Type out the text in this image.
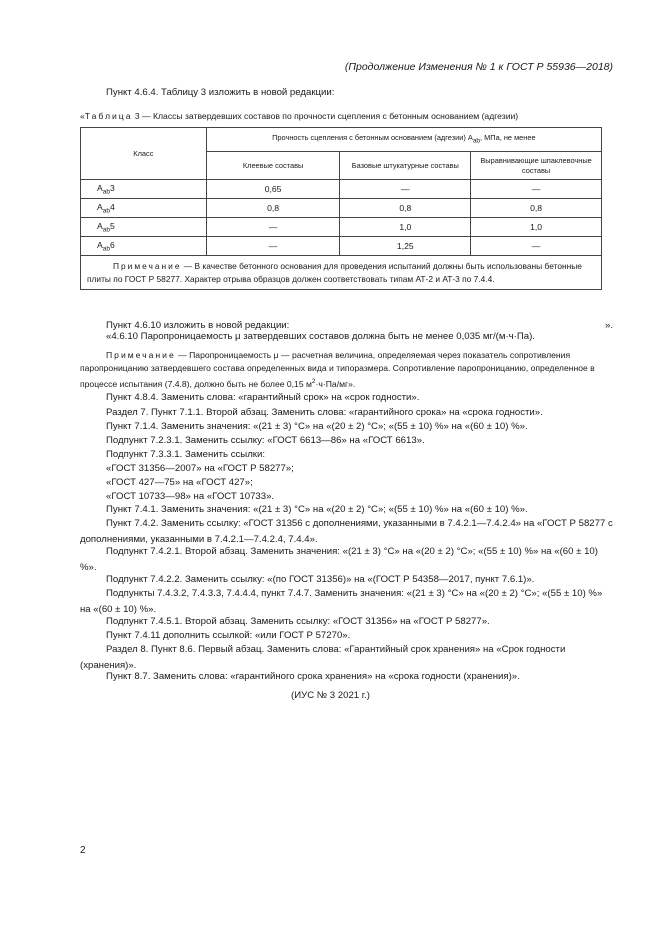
(Продолжение Изменения № 1 к ГОСТ Р 55936—2018)
Пункт 4.6.4. Таблицу 3 изложить в новой редакции:
«Таблица 3 — Классы затвердевших составов по прочности сцепления с бетонным основанием (адгезии)
Класс	Прочность сцепления с бетонным основанием (адгезии) $A_{ab}$, МПа, не менее		
	Клеевые составы	Базовые штукатурные составы	Выравнивающие шпаклевочные составы
$A_{ab}3$	0,65	—	—
$A_{ab}4$	0,8	0,8	0,8
$A_{ab}5$	—	1,0	1,0
$A_{ab}6$	—	1,25	—
Примечание — В качестве бетонного основания для проведения испытаний должны быть использованы бетонные плиты по ГОСТ Р 58277. Характер отрыва образцов должен соответствовать типам АТ-2 и АТ-3 по 7.4.4.			
».
Пункт 4.6.10 изложить в новой редакции:
«4.6.10 Паропроницаемость μ затвердевших составов должна быть не менее 0,035 мг/(м·ч·Па).
Примечание — Паропроницаемость μ — расчетная величина, определяемая через показатель сопротивления паропроницанию затвердевшего состава определенных вида и типоразмера. Сопротивление паропроницанию, определенное в процессе испытания (7.4.8), должно быть не более 0,15 $м^2\cdot ч\cdot Па/мг$».
Пункт 4.8.4. Заменить слова: «гарантийный срок» на «срок годности».
Раздел 7. Пункт 7.1.1. Второй абзац. Заменить слова: «гарантийного срока» на «срока годности».
Пункт 7.1.4. Заменить значения: «(21 ± 3) °С» на «(20 ± 2) °С»; «(55 ± 10) %» на «(60 ± 10) %».
Подпункт 7.2.3.1. Заменить ссылку: «ГОСТ 6613—86» на «ГОСТ 6613».
Подпункт 7.3.3.1. Заменить ссылки:
«ГОСТ 31356—2007» на «ГОСТ Р 58277»;
«ГОСТ 427—75» на «ГОСТ 427»;
«ГОСТ 10733—98» на «ГОСТ 10733».
Пункт 7.4.1. Заменить значения: «(21 ± 3) °С» на «(20 ± 2) °С»; «(55 ± 10) %» на «(60 ± 10) %».
Пункт 7.4.2. Заменить ссылку: «ГОСТ 31356 с дополнениями, указанными в 7.4.2.1—7.4.2.4» на «ГОСТ Р 58277 с дополнениями, указанными в 7.4.2.1—7.4.2.4, 7.4.4».
Подпункт 7.4.2.1. Второй абзац. Заменить значения: «(21 ± 3) °С» на «(20 ± 2) °С»; «(55 ± 10) %» на «(60 ± 10) %».
Подпункт 7.4.2.2. Заменить ссылку: «(по ГОСТ 31356)» на «(ГОСТ Р 54358—2017, пункт 7.6.1)».
Подпункты 7.4.3.2, 7.4.3.3, 7.4.4.4, пункт 7.4.7. Заменить значения: «(21 ± 3) °С» на «(20 ± 2) °С»; «(55 ± 10) %» на «(60 ± 10) %».
Подпункт 7.4.5.1. Второй абзац. Заменить ссылку: «ГОСТ 31356» на «ГОСТ Р 58277».
Пункт 7.4.11 дополнить ссылкой: «или ГОСТ Р 57270».
Раздел 8. Пункт 8.6. Первый абзац. Заменить слова: «Гарантийный срок хранения» на «Срок годности (хранения)».
Пункт 8.7. Заменить слова: «гарантийного срока хранения» на «срока годности (хранения)».
(ИУС № 3 2021 г.)
2
